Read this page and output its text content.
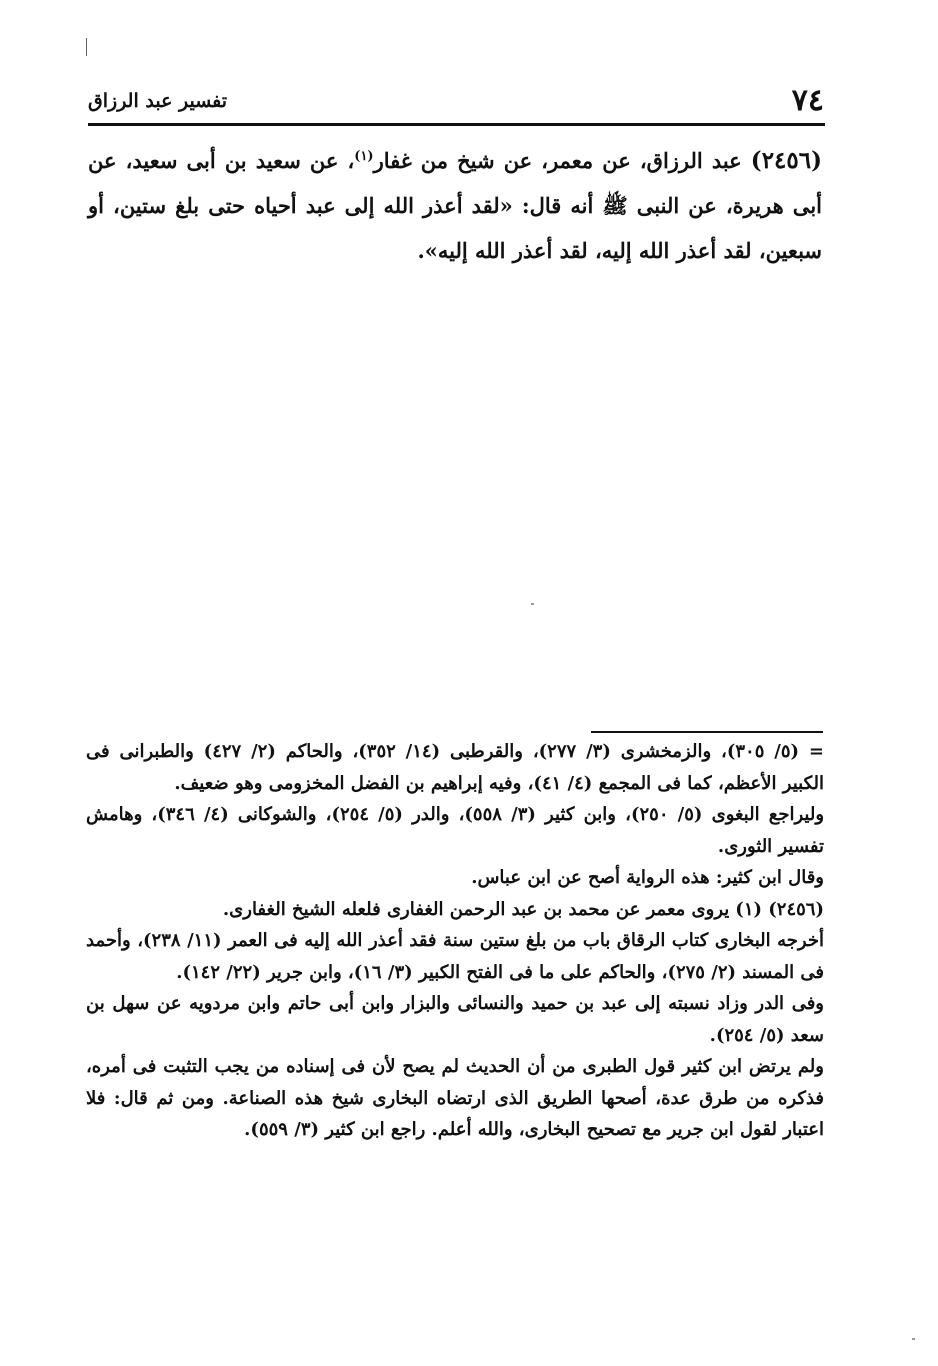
٧٤
تفسير عبد الرزاق
(٢٤٥٦) عبد الرزاق، عن معمر، عن شيخ من غفار$^{(١)}$، عن سعيد بن أبى سعيد، عن أبى هريرة، عن النبى ﷺ أنه قال: «لقد أعذر الله إلى عبد أحياه حتى بلغ ستين، أو سبعين، لقد أعذر الله إليه، لقد أعذر الله إليه».

= (٥/ ٣٠٥)، والزمخشرى (٣/ ٢٧٧)، والقرطبى (١٤/ ٣٥٢)، والحاكم (٢/ ٤٢٧) والطبرانى فى الكبير الأعظم، كما فى المجمع (٤/ ٤١)، وفيه إبراهيم بن الفضل المخزومى وهو ضعيف.

وليراجع البغوى (٥/ ٢٥٠)، وابن كثير (٣/ ٥٥٨)، والدر (٥/ ٢٥٤)، والشوكانى (٤/ ٣٤٦)، وهامش تفسير الثورى.

وقال ابن كثير: هذه الرواية أصح عن ابن عباس.

(٢٤٥٦) (١)
يروى معمر عن محمد بن عبد الرحمن الغفارى فلعله الشيخ الغفارى.

أخرجه البخارى كتاب الرقاق باب من بلغ ستين سنة فقد أعذر الله إليه فى العمر (١١/ ٢٣٨)، وأحمد فى المسند (٢/ ٢٧٥)، والحاكم على ما فى الفتح الكبير (٣/ ١٦)، وابن جرير (٢٢/ ١٤٢).

وفى الدر وزاد نسبته إلى عبد بن حميد والنسائى والبزار وابن أبى حاتم وابن مردويه عن سهل بن سعد (٥/ ٢٥٤).

ولم يرتض ابن كثير قول الطبرى من أن الحديث لم يصح لأن فى إسناده من يجب التثبت فى أمره، فذكره من طرق عدة، أصحها الطريق الذى ارتضاه البخارى شيخ هذه الصناعة. ومن ثم قال: فلا اعتبار لقول ابن جرير مع تصحيح البخارى، والله أعلم. راجع ابن كثير (٣/ ٥٥٩).
